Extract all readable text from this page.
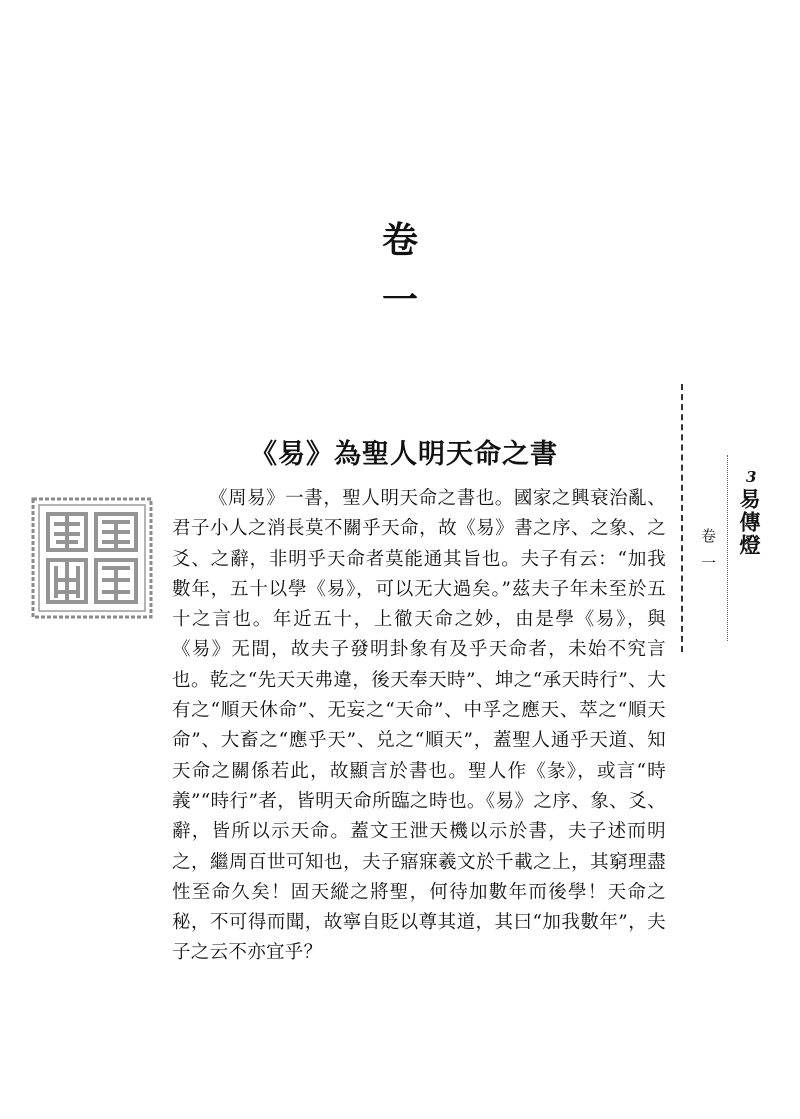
卷
一
《易》為聖人明天命之書

《周易》一書，聖人明天命之書也。國家之興衰治亂、君子小人之消長莫不關乎天命，故《易》書之序、之象、之爻、之辭，非明乎天命者莫能通其旨也。夫子有云：“加我數年，五十以學《易》，可以无大過矣。”茲夫子年未至於五十之言也。年近五十，上徹天命之妙，由是學《易》，與《易》无間，故夫子發明卦象有及乎天命者，未始不究言也。乾之“先天天弗違，後天奉天時”、坤之“承天時行”、大有之“順天休命”、无妄之“天命”、中孚之應天、萃之“順天命”、大畜之“應乎天”、兑之“順天”，蓋聖人通乎天道、知天命之關係若此，故顯言於書也。聖人作《彖》，或言“時義”“時行”者，皆明天命所臨之時也。《易》之序、象、爻、辭，皆所以示天命。蓋文王泄天機以示於書，夫子述而明之，繼周百世可知也，夫子寤寐羲文於千載之上，其窮理盡性至命久矣！固天縱之將聖，何待加數年而後學！天命之秘，不可得而聞，故寧自貶以尊其道，其曰“加我數年”，夫子之云不亦宜乎？

3
易傳燈
卷一
